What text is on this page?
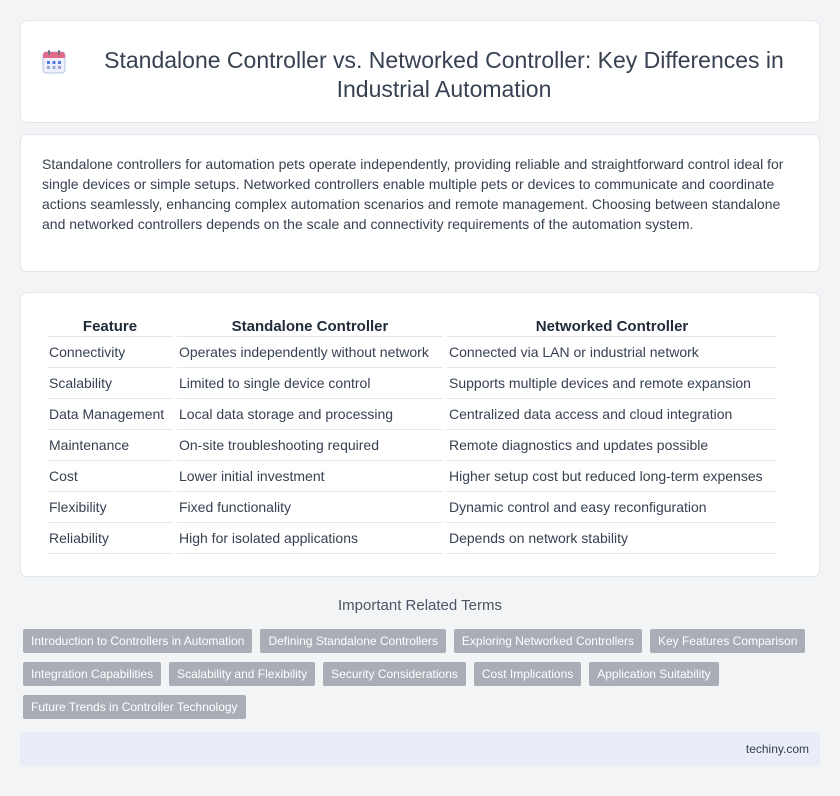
Standalone Controller vs. Networked Controller: Key Differences in Industrial Automation

Standalone controllers for automation pets operate independently, providing reliable and straightforward control ideal for single devices or simple setups. Networked controllers enable multiple pets or devices to communicate and coordinate actions seamlessly, enhancing complex automation scenarios and remote management. Choosing between standalone and networked controllers depends on the scale and connectivity requirements of the automation system.

Feature	Standalone Controller	Networked Controller
Connectivity	Operates independently without network	Connected via LAN or industrial network
Scalability	Limited to single device control	Supports multiple devices and remote expansion
Data Management	Local data storage and processing	Centralized data access and cloud integration
Maintenance	On-site troubleshooting required	Remote diagnostics and updates possible
Cost	Lower initial investment	Higher setup cost but reduced long-term expenses
Flexibility	Fixed functionality	Dynamic control and easy reconfiguration
Reliability	High for isolated applications	Depends on network stability
Important Related Terms
Introduction to Controllers in Automation	Defining Standalone Controllers	Exploring Networked Controllers	Key Features Comparison
Integration Capabilities	Scalability and Flexibility	Security Considerations	Cost Implications	Application Suitability
Future Trends in Controller Technology
techiny.com
